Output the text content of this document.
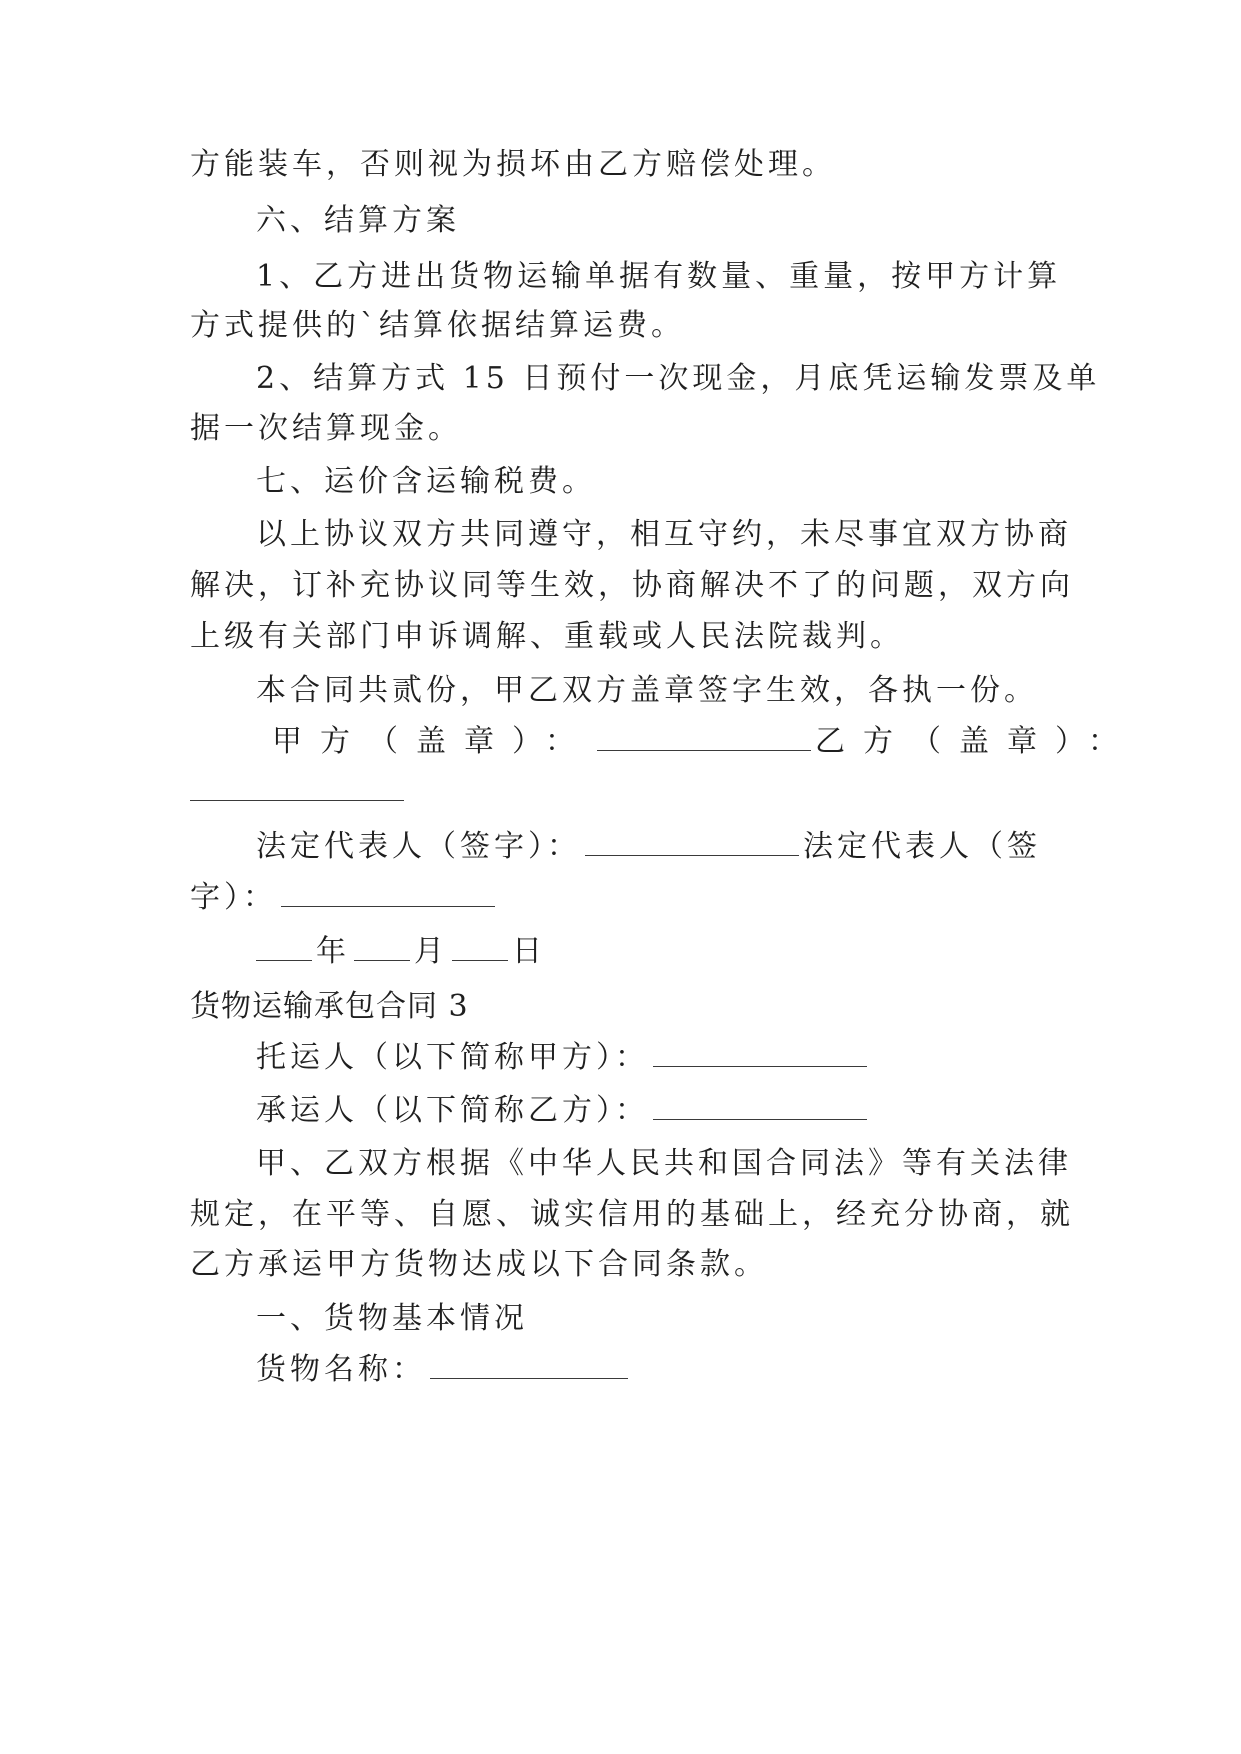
方能装车，否则视为损坏由乙方赔偿处理。
六、结算方案
1、乙方进出货物运输单据有数量、重量，按甲方计算
方式提供的`结算依据结算运费。
2、结算方式 15 日预付一次现金，月底凭运输发票及单
据一次结算现金。
七、运价含运输税费。
以上协议双方共同遵守，相互守约，未尽事宜双方协商
解决，订补充协议同等生效，协商解决不了的问题，双方向
上级有关部门申诉调解、重载或人民法院裁判。
本合同共贰份，甲乙双方盖章签字生效，各执一份。
甲方（盖章）：	乙方（盖章）：
法定代表人（签字）：	法定代表人（签
字）：
年 月 日
货物运输承包合同 3
托运人（以下简称甲方）：
承运人（以下简称乙方）：
甲、乙双方根据《中华人民共和国合同法》等有关法律
规定，在平等、自愿、诚实信用的基础上，经充分协商，就
乙方承运甲方货物达成以下合同条款。
一、货物基本情况
货物名称：
